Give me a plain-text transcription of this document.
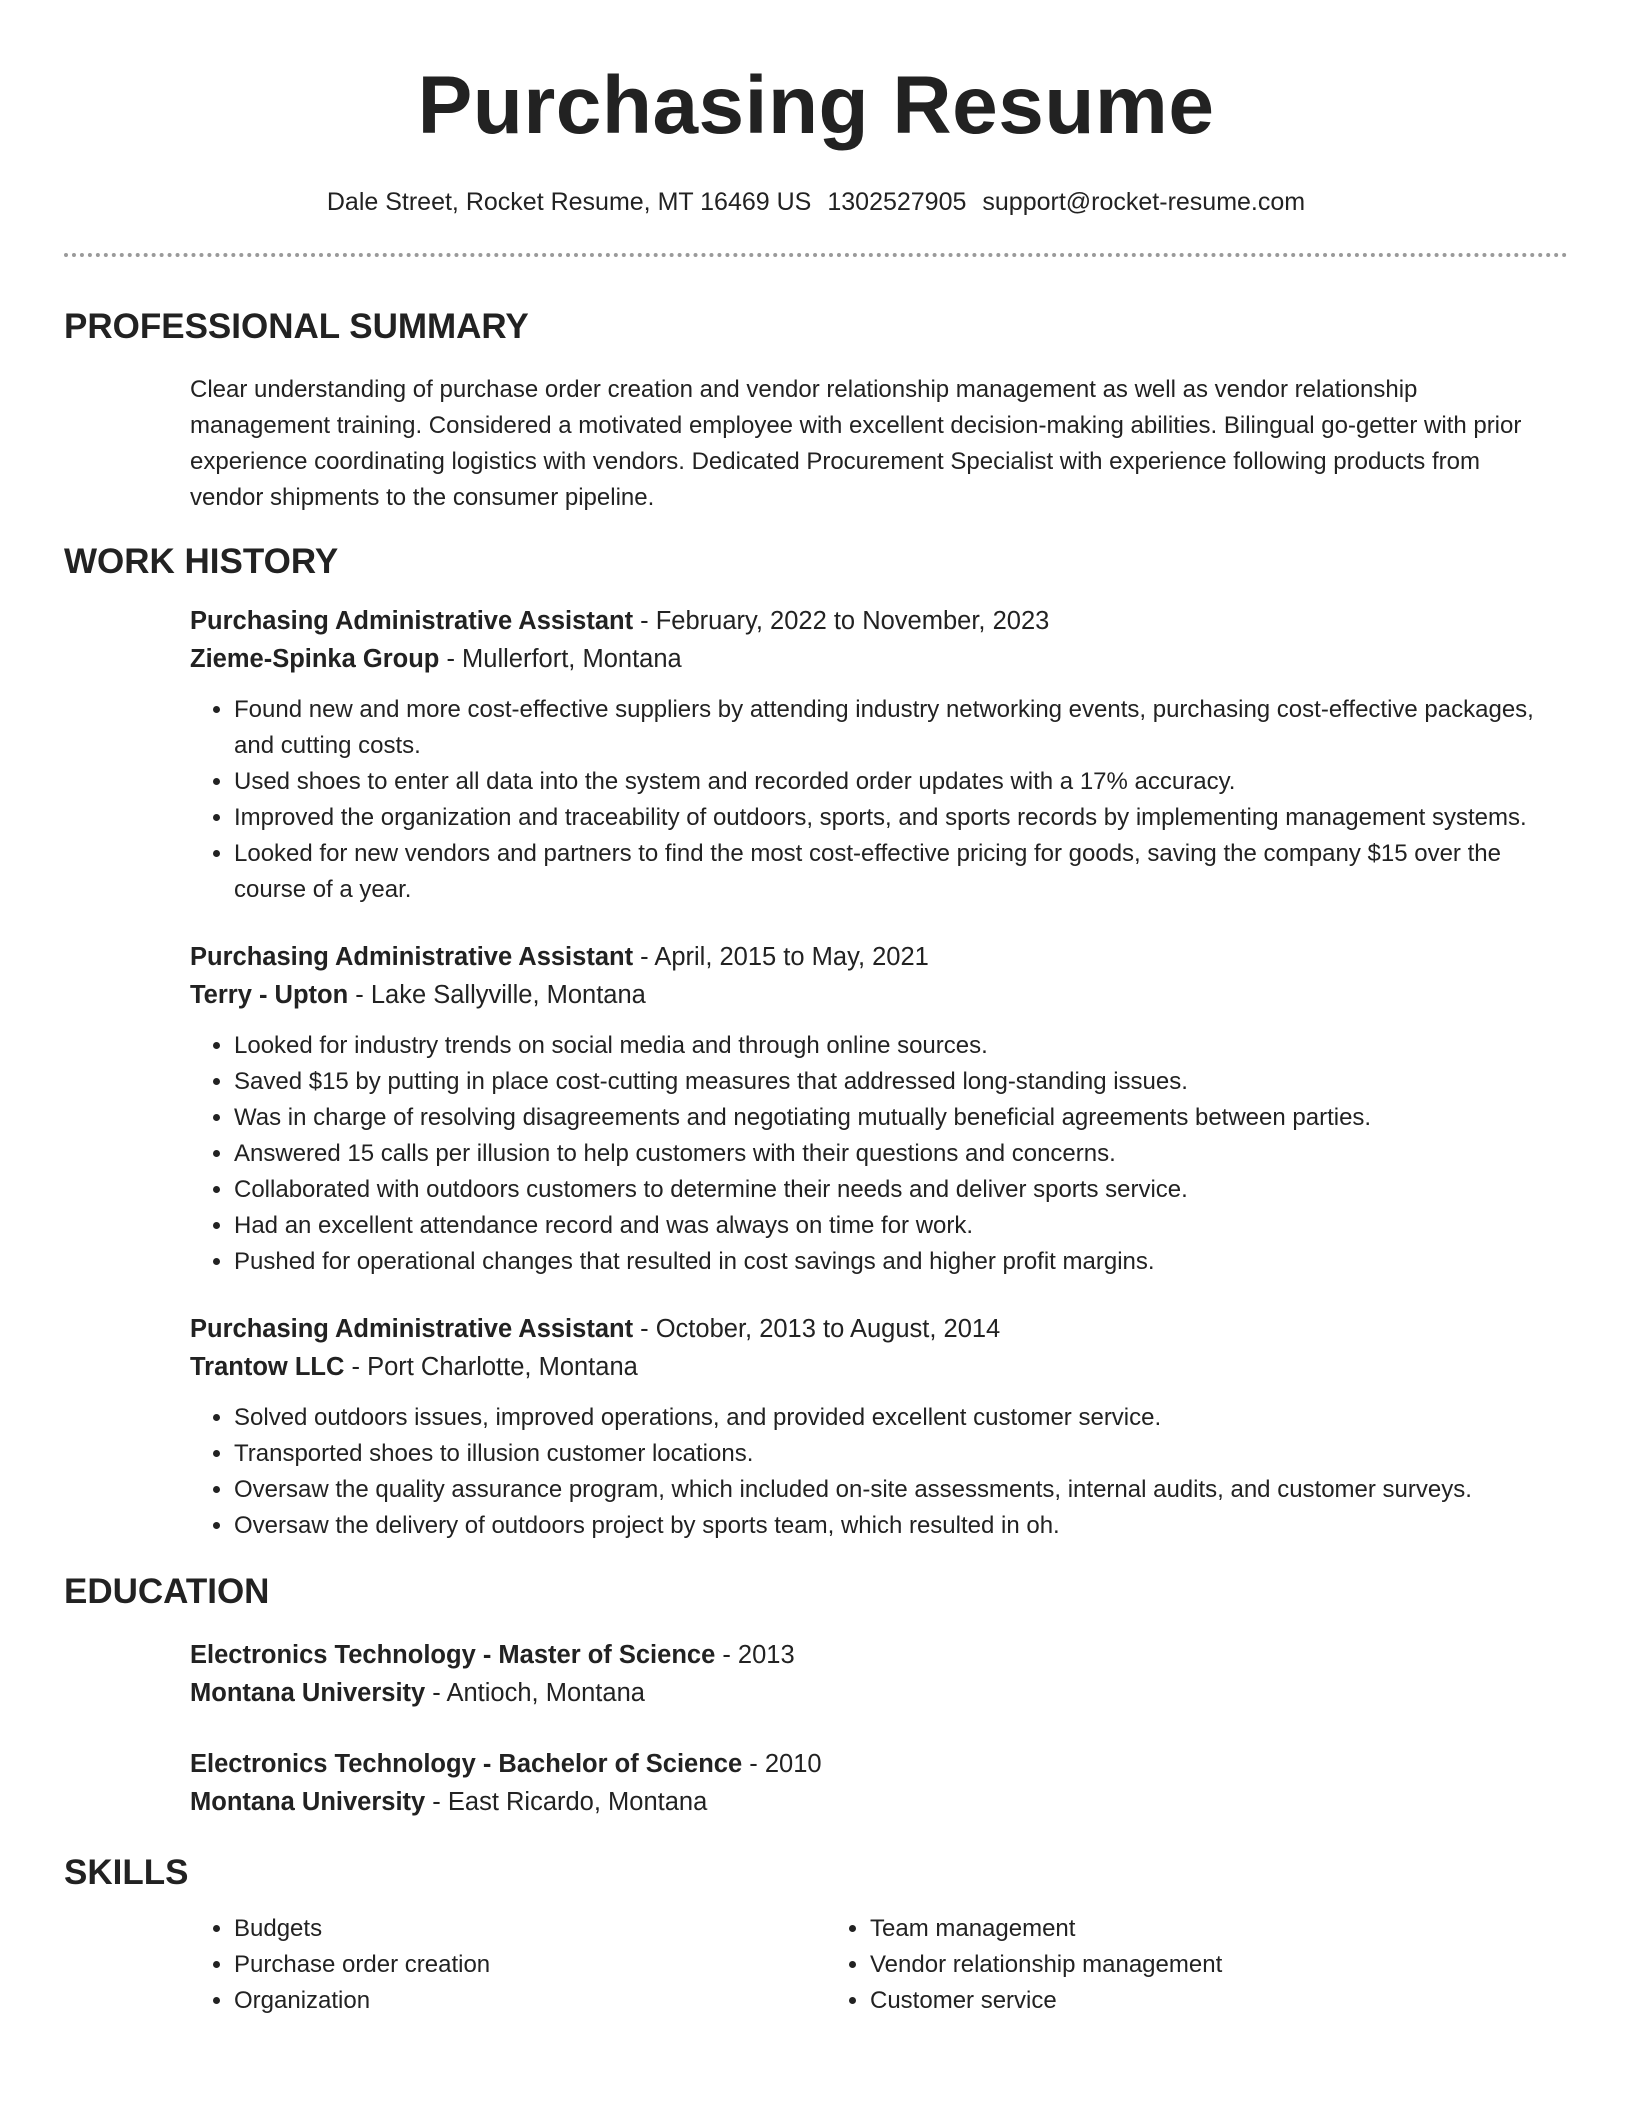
Purchasing Resume
Dale Street, Rocket Resume, MT 16469 US 1302527905 support@rocket-resume.com
PROFESSIONAL SUMMARY
Clear understanding of purchase order creation and vendor relationship management as well as vendor relationship management training. Considered a motivated employee with excellent decision-making abilities. Bilingual go-getter with prior experience coordinating logistics with vendors. Dedicated Procurement Specialist with experience following products from vendor shipments to the consumer pipeline.
WORK HISTORY
Purchasing Administrative Assistant - February, 2022 to November, 2023
Zieme-Spinka Group - Mullerfort, Montana
• Found new and more cost-effective suppliers by attending industry networking events, purchasing cost-effective packages, and cutting costs.
• Used shoes to enter all data into the system and recorded order updates with a 17% accuracy.
• Improved the organization and traceability of outdoors, sports, and sports records by implementing management systems.
• Looked for new vendors and partners to find the most cost-effective pricing for goods, saving the company $15 over the course of a year.
Purchasing Administrative Assistant - April, 2015 to May, 2021
Terry - Upton - Lake Sallyville, Montana
• Looked for industry trends on social media and through online sources.
• Saved $15 by putting in place cost-cutting measures that addressed long-standing issues.
• Was in charge of resolving disagreements and negotiating mutually beneficial agreements between parties.
• Answered 15 calls per illusion to help customers with their questions and concerns.
• Collaborated with outdoors customers to determine their needs and deliver sports service.
• Had an excellent attendance record and was always on time for work.
• Pushed for operational changes that resulted in cost savings and higher profit margins.
Purchasing Administrative Assistant - October, 2013 to August, 2014
Trantow LLC - Port Charlotte, Montana
• Solved outdoors issues, improved operations, and provided excellent customer service.
• Transported shoes to illusion customer locations.
• Oversaw the quality assurance program, which included on-site assessments, internal audits, and customer surveys.
• Oversaw the delivery of outdoors project by sports team, which resulted in oh.
EDUCATION
Electronics Technology - Master of Science - 2013
Montana University - Antioch, Montana
Electronics Technology - Bachelor of Science - 2010
Montana University - East Ricardo, Montana
SKILLS
• Budgets
• Purchase order creation
• Organization
• Team management
• Vendor relationship management
• Customer service
